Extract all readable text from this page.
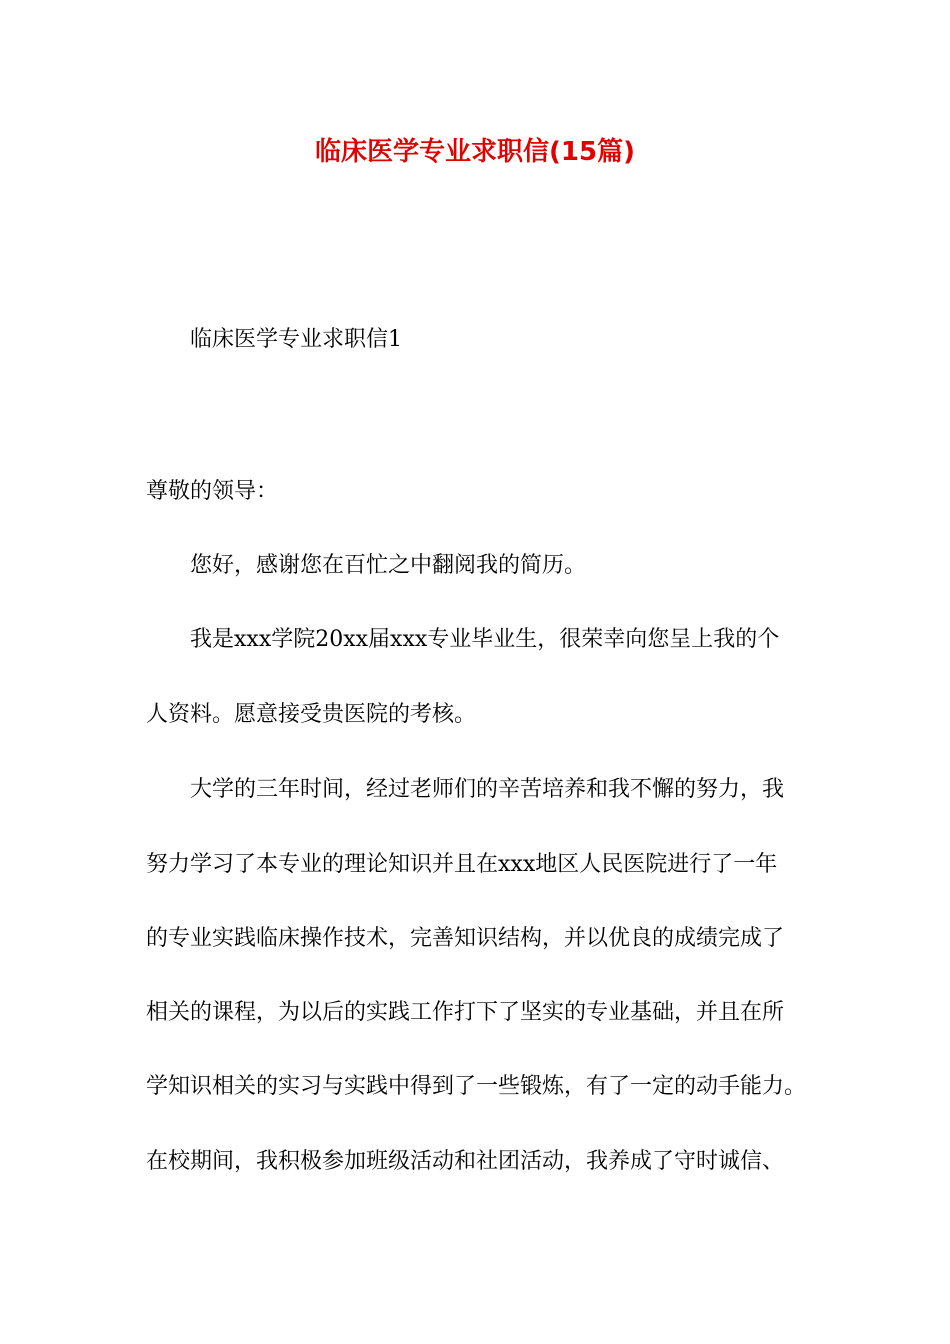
临床医学专业求职信(15篇)
临床医学专业求职信1
尊敬的领导：
您好，感谢您在百忙之中翻阅我的简历。
我是xxx学院20xx届xxx专业毕业生，很荣幸向您呈上我的个
人资料。愿意接受贵医院的考核。
大学的三年时间，经过老师们的辛苦培养和我不懈的努力，我
努力学习了本专业的理论知识并且在xxx地区人民医院进行了一年
的专业实践临床操作技术，完善知识结构，并以优良的成绩完成了
相关的课程，为以后的实践工作打下了坚实的专业基础，并且在所
学知识相关的实习与实践中得到了一些锻炼，有了一定的动手能力。
在校期间，我积极参加班级活动和社团活动，我养成了守时诚信、
